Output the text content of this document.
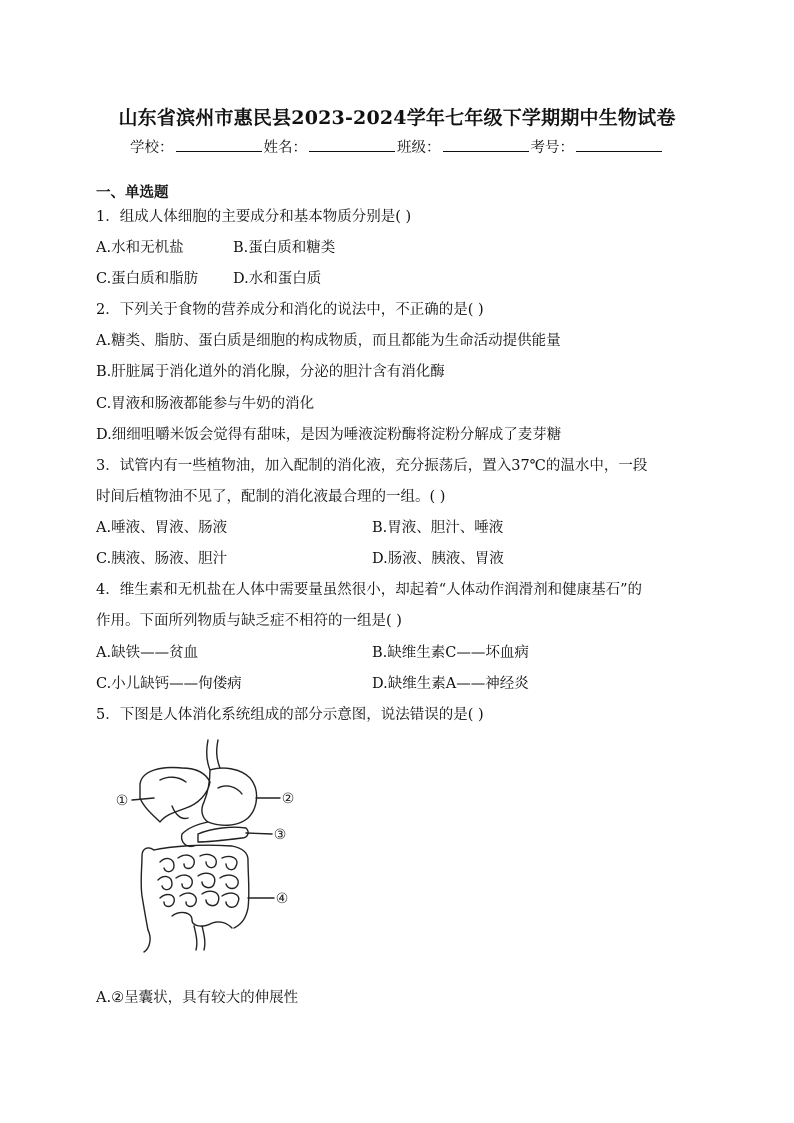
山东省滨州市惠民县2023-2024学年七年级下学期期中生物试卷
学校：	姓名：	班级：	考号：
一、单选题
1．组成人体细胞的主要成分和基本物质分别是( )
A.水和无机盐	B.蛋白质和糖类
C.蛋白质和脂肪 D.水和蛋白质
2．下列关于食物的营养成分和消化的说法中，不正确的是( )
A.糖类、脂肪、蛋白质是细胞的构成物质，而且都能为生命活动提供能量
B.肝脏属于消化道外的消化腺，分泌的胆汁含有消化酶
C.胃液和肠液都能参与牛奶的消化
D.细细咀嚼米饭会觉得有甜味，是因为唾液淀粉酶将淀粉分解成了麦芽糖
3．试管内有一些植物油，加入配制的消化液，充分振荡后，置入37℃的温水中，一段
时间后植物油不见了，配制的消化液最合理的一组。( )
A.唾液、胃液、肠液	B.胃液、胆汁、唾液
C.胰液、肠液、胆汁	D.肠液、胰液、胃液
4．维生素和无机盐在人体中需要量虽然很小，却起着“人体动作润滑剂和健康基石”的
作用。下面所列物质与缺乏症不相符的一组是( )
A.缺铁——贫血	B.缺维生素C——坏血病
C.小儿缺钙——佝偻病	D.缺维生素A——神经炎
5．下图是人体消化系统组成的部分示意图，说法错误的是( )
①	②
③
④
A.②呈囊状，具有较大的伸展性
